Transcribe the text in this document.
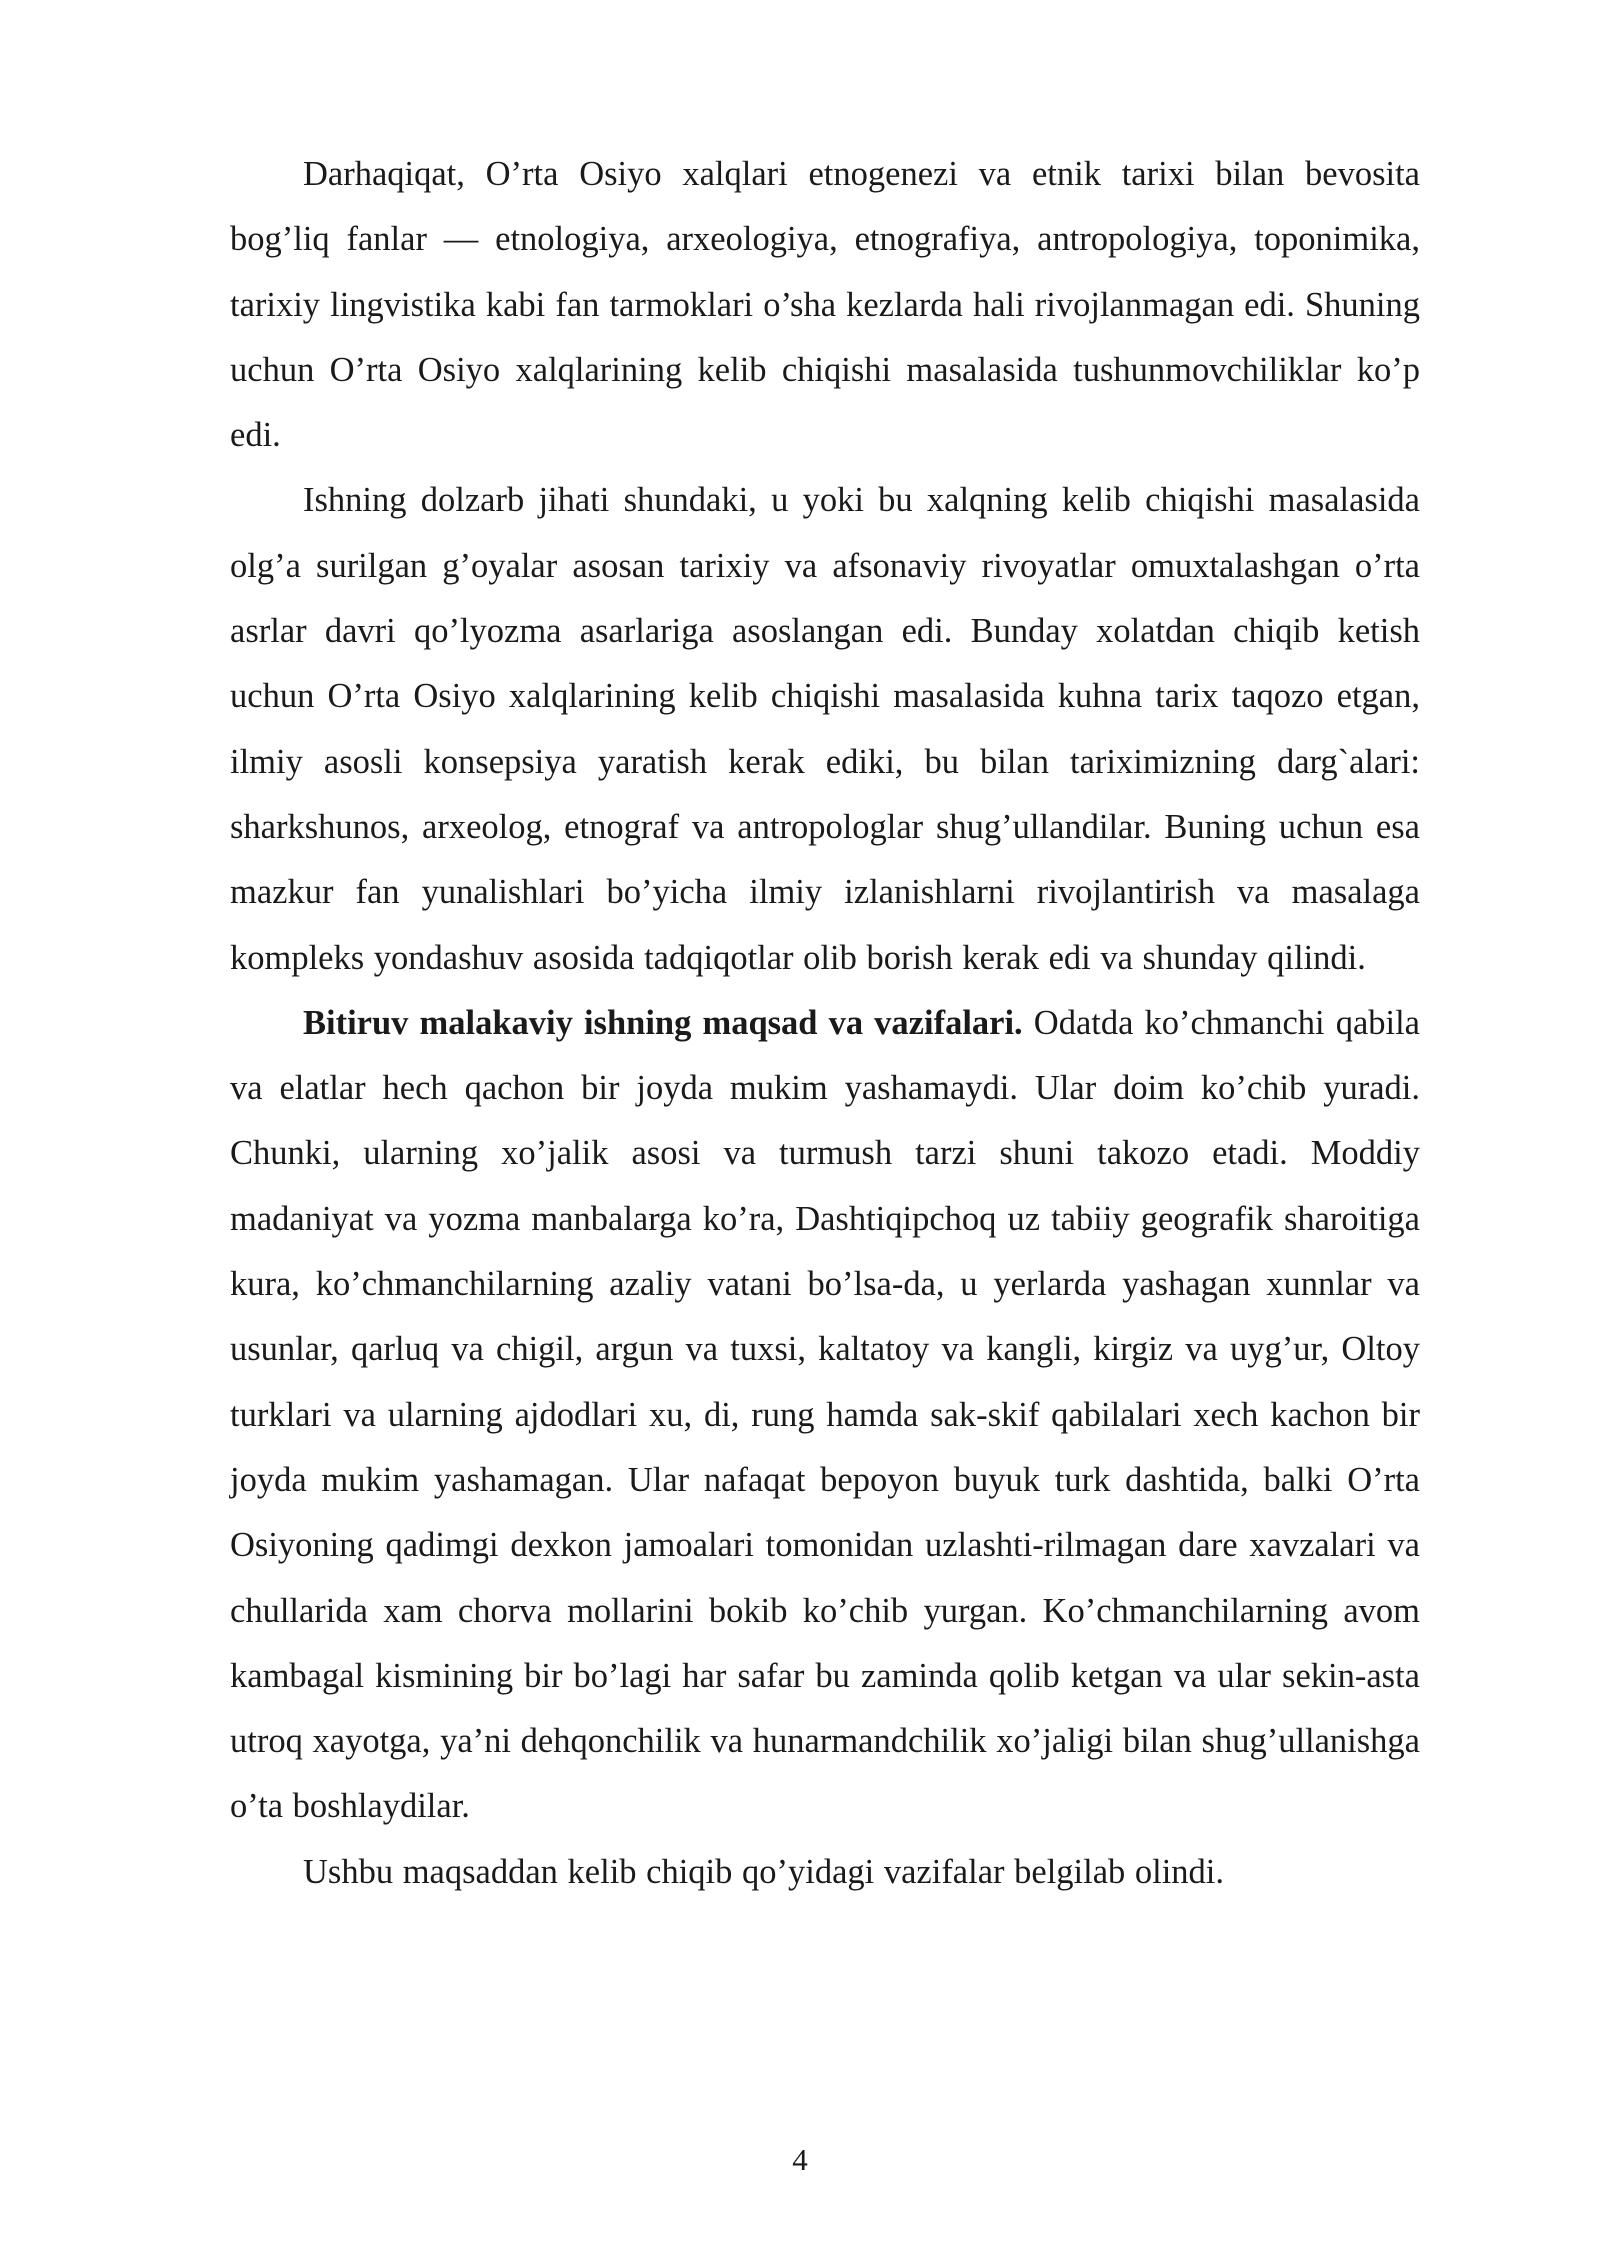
Darhaqiqat, O’rta Osiyo xalqlari etnogenezi va etnik tarixi bilan bevosita bog’liq fanlar — etnologiya, arxeologiya, etnografiya, antropologiya, toponimika, tarixiy lingvistika kabi fan tarmoklari o’sha kezlarda hali rivojlanmagan edi. Shuning uchun O’rta Osiyo xalqlarining kelib chiqishi masalasida tushunmovchiliklar ko’p edi.

Ishning dolzarb jihati shundaki, u yoki bu xalqning kelib chiqishi masalasida olg’a surilgan g’oyalar asosan tarixiy va afsonaviy rivoyatlar omuxtalashgan o’rta asrlar davri qo’lyozma asarlariga asoslangan edi. Bunday xolatdan chiqib ketish uchun O’rta Osiyo xalqlarining kelib chiqishi masalasida kuhna tarix taqozo etgan, ilmiy asosli konsepsiya yaratish kerak ediki, bu bilan tariximizning darg`alari: sharkshunos, arxeolog, etnograf va antropologlar shug’ullandilar. Buning uchun esa mazkur fan yunalishlari bo’yicha ilmiy izlanishlarni rivojlantirish va masalaga kompleks yondashuv asosida tadqiqotlar olib borish kerak edi va shunday qilindi.

Bitiruv malakaviy ishning maqsad va vazifalari. Odatda ko’chmanchi qabila va elatlar hech qachon bir joyda mukim yashamaydi. Ular doim ko’chib yuradi. Chunki, ularning xo’jalik asosi va turmush tarzi shuni takozo etadi. Moddiy madaniyat va yozma manbalarga ko’ra, Dashtiqipchoq uz tabiiy geografik sharoitiga kura, ko’chmanchilarning azaliy vatani bo’lsa-da, u yerlarda yashagan xunnlar va usunlar, qarluq va chigil, argun va tuxsi, kaltatoy va kangli, kirgiz va uyg’ur, Oltoy turklari va ularning ajdodlari xu, di, rung hamda sak-skif qabilalari xech kachon bir joyda mukim yashamagan. Ular nafaqat bepoyon buyuk turk dashtida, balki O’rta Osiyoning qadimgi dexkon jamoalari tomonidan uzlashti-rilmagan dare xavzalari va chullarida xam chorva mollarini bokib ko’chib yurgan. Ko’chmanchilarning avom kambagal kismining bir bo’lagi har safar bu zaminda qolib ketgan va ular sekin-asta utroq xayotga, ya’ni dehqonchilik va hunarmandchilik xo’jaligi bilan shug’ullanishga o’ta boshlaydilar.

Ushbu maqsaddan kelib chiqib qo’yidagi vazifalar belgilab olindi.

4
